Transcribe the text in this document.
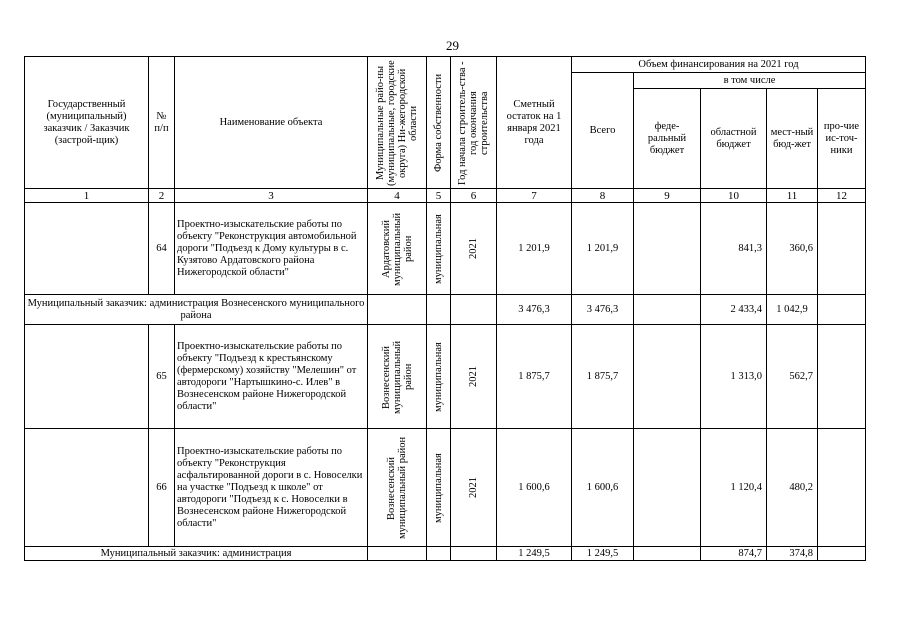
29
Государственный (муниципальный) заказчик / Заказчик (застрой-щик)	№ п/п	Наименование объекта	Муниципальные райо-ны (муниципальные, городские округа) Ни-жегородской области	Форма собственности	Год начала строитель-ства - год окончания строительства	Сметный остаток на 1 января 2021 года	Объем финансирования на 2021 год				
							Всего	в том числе			
								феде-ральный бюджет	областной бюджет	мест-ный бюд-жет	про-чие ис-точ-ники
1	2	3	4	5	6	7	8	9	10	11	12
	64	Проектно-изыскательские работы по объекту "Реконструкция автомобильной дороги "Подъезд к Дому культуры в с. Кузятово Ардатовского района Нижегородской области"	Ардатовский муниципальный район	муниципальная	2021	1 201,9	1 201,9		841,3	360,6	
Муниципальный заказчик: администрация Вознесенского муниципального района						3 476,3	3 476,3		2 433,4	1 042,9	
	65	Проектно-изыскательские работы по объекту "Подъезд к крестьянскому (фермерскому) хозяйству "Мелешин" от автодороги "Нартышкино-с. Илев" в Вознесенском районе Нижегородской области"	Вознесенский муниципальный район	муниципальная	2021	1 875,7	1 875,7		1 313,0	562,7	
	66	Проектно-изыскательские работы по объекту "Реконструкция асфальтированной дороги в с. Новоселки на участке "Подъезд к школе" от автодороги "Подъезд к с. Новоселки в Вознесенском районе Нижегородской области"	Вознесенский муниципальный район	муниципальная	2021	1 600,6	1 600,6		1 120,4	480,2	
Муниципальный заказчик: администрация						1 249,5	1 249,5		874,7	374,8	
